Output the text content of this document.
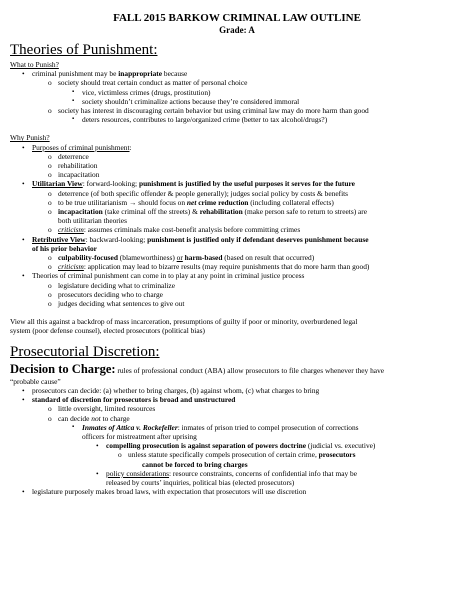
FALL 2015 BARKOW CRIMINAL LAW OUTLINE
Grade: A
Theories of Punishment:
What to Punish?
• criminal punishment may be inappropriate because
o society should treat certain conduct as matter of personal choice
▪ vice, victimless crimes (drugs, prostitution)
▪ society shouldn’t criminalize actions because they’re considered immoral
o society has interest in discouraging certain behavior but using criminal law may do more harm than good
▪ deters resources, contributes to large/organized crime (better to tax alcohol/drugs?)
Why Punish?
• Purposes of criminal punishment:
o deterrence
o rehabilitation
o incapacitation
• Utilitarian View: forward-looking; punishment is justified by the useful purposes it serves for the future
o deterrence (of both specific offender & people generally); judges social policy by costs & benefits
o to be true utilitarianism → should focus on net crime reduction (including collateral effects)
o incapacitation (take criminal off the streets) & rehabilitation (make person safe to return to streets) are
both utilitarian theories
o criticism: assumes criminals make cost-benefit analysis before committing crimes
• Retributive View: backward-looking; punishment is justified only if defendant deserves punishment because
of his prior behavior
o culpability-focused (blameworthiness) or harm-based (based on result that occurred)
o criticism: application may lead to bizarre results (may require punishments that do more harm than good)
• Theories of criminal punishment can come in to play at any point in criminal justice process
o legislature deciding what to criminalize
o prosecutors deciding who to charge
o judges deciding what sentences to give out
View all this against a backdrop of mass incarceration, presumptions of guilty if poor or minority, overburdened legal
system (poor defense counsel), elected prosecutors (political bias)
Prosecutorial Discretion:
Decision to Charge: rules of professional conduct (ABA) allow prosecutors to file charges whenever they have
“probable cause”
• prosecutors can decide: (a) whether to bring charges, (b) against whom, (c) what charges to bring
• standard of discretion for prosecutors is broad and unstructured
o little oversight, limited resources
o can decide not to charge
▪ Inmates of Attica v. Rockefeller: inmates of prison tried to compel prosecution of corrections
officers for mistreatment after uprising
• compelling prosecution is against separation of powers doctrine (judicial vs. executive)
o unless statute specifically compels prosecution of certain crime, prosecutors
cannot be forced to bring charges
• policy considerations: resource constraints, concerns of confidential info that may be
released by courts’ inquiries, political bias (elected prosecutors)
• legislature purposely makes broad laws, with expectation that prosecutors will use discretion
